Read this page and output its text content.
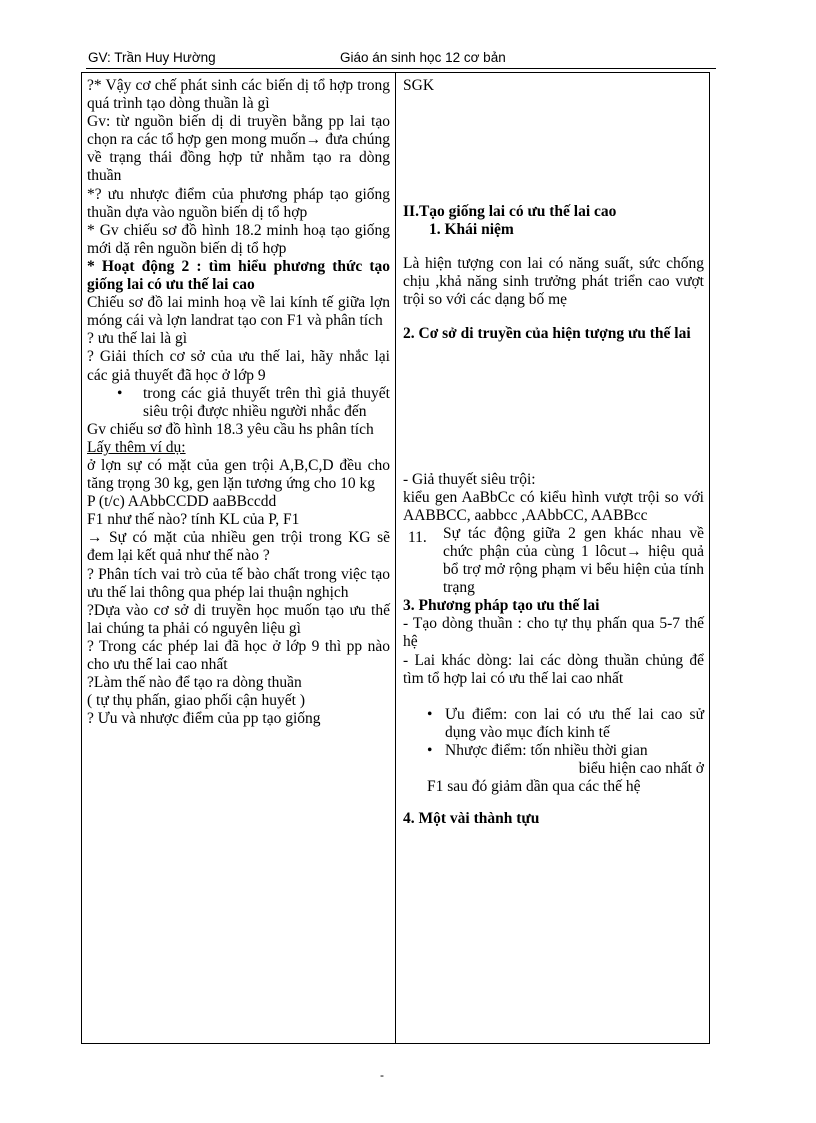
GV: Trần Huy Hường	Giáo án sinh học 12 cơ bản

?* Vậy cơ chế phát sinh các biến dị tổ hợp trong quá trình tạo dòng thuần là gì

Gv: từ nguồn biến dị di truyền bằng pp lai tạo chọn ra các tổ hợp gen mong muốn→ đưa chúng về trạng thái đồng hợp tử nhằm tạo ra dòng thuần

*? ưu nhược điểm của phương pháp tạo giống thuần dựa vào nguồn biến dị tổ hợp

* Gv chiếu sơ đồ hình 18.2 minh hoạ tạo giống mới dặ rên nguồn biến dị tổ hợp

* Hoạt động 2 : tìm hiểu phương thức tạo giống lai có ưu thế lai cao

Chiếu sơ đồ lai minh hoạ về lai kính tế giữa lợn móng cái và lợn landrat tạo con F1 và phân tích

? ưu thế lai là gì

? Giải thích cơ sở của ưu thế lai, hãy nhắc lại các giả thuyết đã học ở lớp 9

• trong các giả thuyết trên thì giả thuyết siêu trội được nhiều người nhắc đến

Gv chiếu sơ đồ hình 18.3 yêu cầu hs phân tích

Lấy thêm ví dụ:

ở lợn sự có mặt của gen trội A,B,C,D đều cho tăng trọng 30 kg, gen lặn tương ứng cho 10 kg

P (t/c) AAbbCCDD aaBBccdd

F1 như thế nào? tính KL của P, F1

→ Sự có mặt của nhiều gen trội trong KG sẽ đem lại kết quả như thế nào ?

? Phân tích vai trò của tế bào chất trong việc tạo ưu thế lai thông qua phép lai thuận nghịch

?Dựa vào cơ sở di truyền học muốn tạo ưu thế lai chúng ta phải có nguyên liệu gì

? Trong các phép lai đã học ở lớp 9 thì pp nào cho ưu thế lai cao nhất

?Làm thế nào để tạo ra dòng thuần

( tự thụ phấn, giao phối cận huyết )

? Ưu và nhược điểm của pp tạo giống

SGK

II.Tạo giống lai có ưu thế lai cao

1. Khái niệm

Là hiện tượng con lai có năng suất, sức chống chịu ,khả năng sinh trưởng phát triển cao vượt trội so với các dạng bố mẹ

2. Cơ sở di truyền của hiện tượng ưu thế lai

- Giả thuyết siêu trội:

kiểu gen AaBbCc có kiểu hình vượt trội so với AABBCC, aabbcc ,AAbbCC, AABBcc

11. Sự tác động giữa 2 gen khác nhau về chức phận của cùng 1 lôcut→ hiệu quả bổ trợ mở rộng phạm vi bểu hiện của tính trạng

3. Phương pháp tạo ưu thế lai

- Tạo dòng thuần : cho tự thụ phấn qua 5-7 thế hệ

- Lai khác dòng: lai các dòng thuần chủng để tìm tổ hợp lai có ưu thế lai cao nhất

• Ưu điểm: con lai có ưu thế lai cao sử dụng vào mục đích kinh tế
• Nhược điểm: tốn nhiều thời gian

biểu hiện cao nhất ở

F1 sau đó giảm dần qua các thế hệ

4. Một vài thành tựu

-
